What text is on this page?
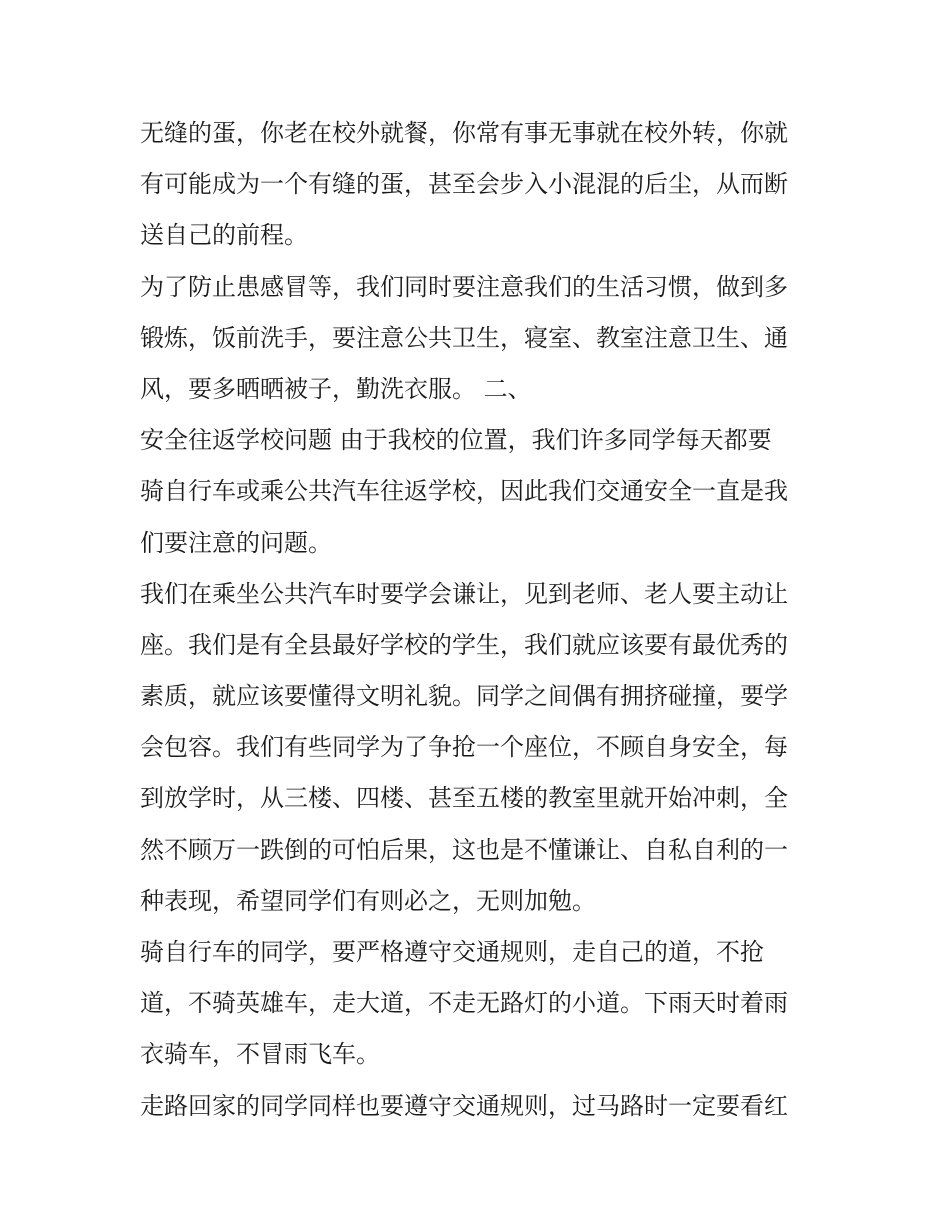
无缝的蛋，你老在校外就餐，你常有事无事就在校外转，你就
有可能成为一个有缝的蛋，甚至会步入小混混的后尘，从而断
送自己的前程。
为了防止患感冒等，我们同时要注意我们的生活习惯，做到多
锻炼，饭前洗手，要注意公共卫生，寝室、教室注意卫生、通
风，要多晒晒被子，勤洗衣服。 二、
安全往返学校问题 由于我校的位置，我们许多同学每天都要
骑自行车或乘公共汽车往返学校，因此我们交通安全一直是我
们要注意的问题。
我们在乘坐公共汽车时要学会谦让，见到老师、老人要主动让
座。我们是有全县最好学校的学生，我们就应该要有最优秀的
素质，就应该要懂得文明礼貌。同学之间偶有拥挤碰撞，要学
会包容。我们有些同学为了争抢一个座位，不顾自身安全，每
到放学时，从三楼、四楼、甚至五楼的教室里就开始冲刺，全
然不顾万一跌倒的可怕后果，这也是不懂谦让、自私自利的一
种表现，希望同学们有则必之，无则加勉。
骑自行车的同学，要严格遵守交通规则，走自己的道，不抢
道，不骑英雄车，走大道，不走无路灯的小道。下雨天时着雨
衣骑车，不冒雨飞车。
走路回家的同学同样也要遵守交通规则，过马路时一定要看红
